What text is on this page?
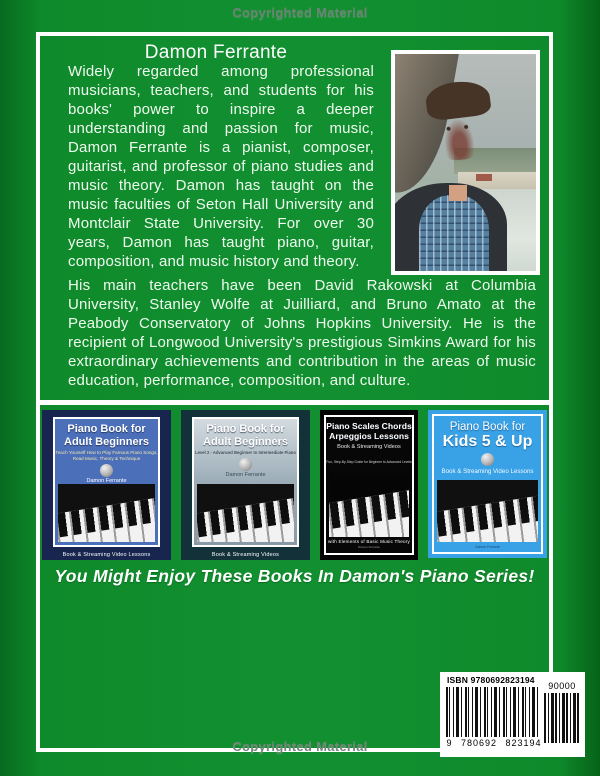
Copyrighted Material
Damon Ferrante

Widely regarded among professional musicians, teachers, and students for his books' power to inspire a deeper understanding and passion for music, Damon Ferrante is a pianist, composer, guitarist, and professor of piano studies and music theory. Damon has taught on the music faculties of Seton Hall University and Montclair State University. For over 30 years, Damon has taught piano, guitar, composition, and music history and theory.

His main teachers have been David Rakowski at Columbia University, Stanley Wolfe at Juilliard, and Bruno Amato at the Peabody Conservatory of Johns Hopkins University. He is the recipient of Longwood University's prestigious Simkins Award for his extraordinary achievements and contribution in the areas of music education, performance, composition, and culture.

Piano Book for Adult Beginners
Teach Yourself How to Play Famous Piano Songs, Read Music, Theory & Technique
Damon Ferrante
Book & Streaming Video Lessons
Piano Book for Adult Beginners
Level 2 - Advanced Beginner to Intermediate Piano
Damon Ferrante
Book & Streaming Videos
Piano Scales Chords
Arpeggios Lessons
Book & Streaming Videos
Fun, Step-By-Step Guide for Beginner to Advanced Levels
with Elements of Basic Music Theory
Damon Ferrante
Piano Book for
Kids 5 & Up
Book & Streaming Video Lessons
Damon Ferrante
You Might Enjoy These Books In Damon's Piano Series!
ISBN 9780692823194
9 780692 823194
90000
Copyrighted Material
